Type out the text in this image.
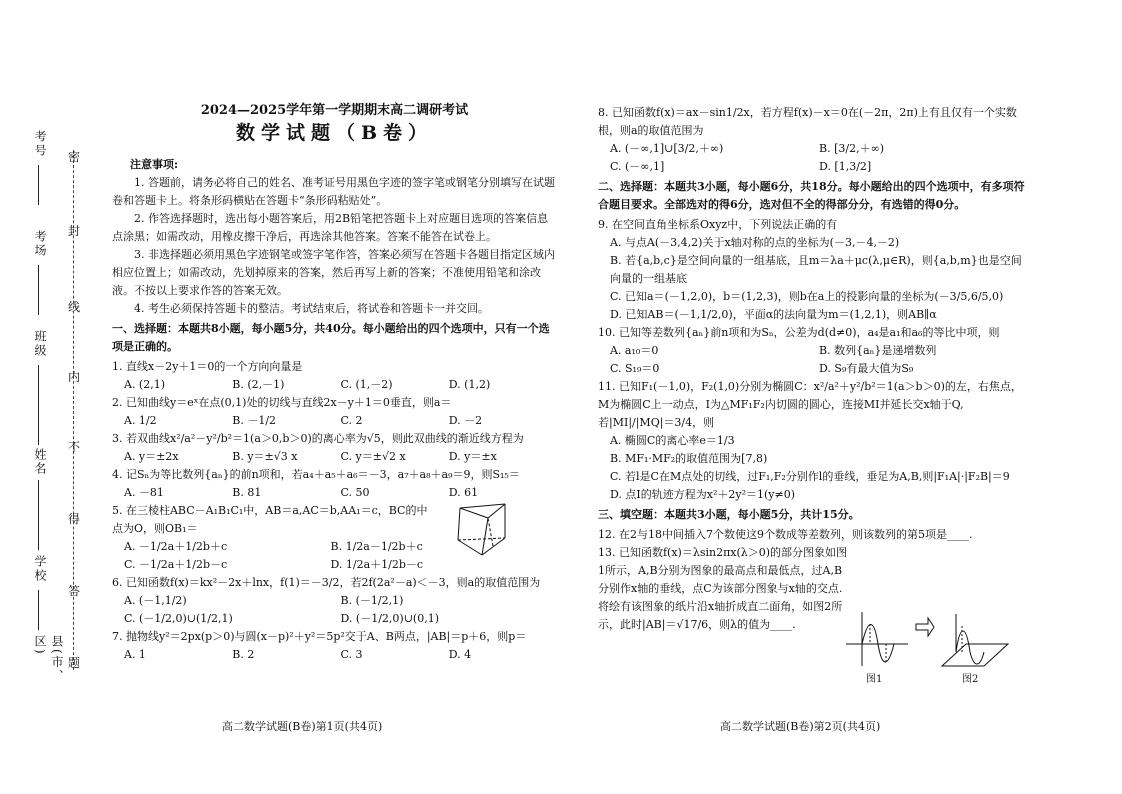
考号
考场
班级
姓名
学校
县(市、区)
密
封
线
内
不
得
答
题
2024—2025学年第一学期期末高二调研考试
数学试题（B卷）
注意事项:

1. 答题前，请务必将自己的姓名、准考证号用黑色字迹的签字笔或钢笔分别填写在试题卷和答题卡上。将条形码横贴在答题卡“条形码粘贴处”。

2. 作答选择题时，选出每小题答案后，用2B铅笔把答题卡上对应题目选项的答案信息点涂黑；如需改动，用橡皮擦干净后，再选涂其他答案。答案不能答在试卷上。

3. 非选择题必须用黑色字迹钢笔或签字笔作答，答案必须写在答题卡各题目指定区域内相应位置上；如需改动，先划掉原来的答案，然后再写上新的答案；不准使用铅笔和涂改液。不按以上要求作答的答案无效。

4. 考生必须保持答题卡的整洁。考试结束后，将试卷和答题卡一并交回。

一、选择题：本题共8小题，每小题5分，共40分。每小题给出的四个选项中，只有一个选项是正确的。

1. 直线x－2y＋1＝0的一个方向向量是

A. (2,1)	B. (2,－1)	C. (1,－2)	D. (1,2)

2. 已知曲线y＝eˣ在点(0,1)处的切线与直线2x－y＋1＝0垂直，则a＝

A. 1/2	B. －1/2	C. 2	D. －2

3. 若双曲线x²/a²－y²/b²＝1(a＞0,b＞0)的离心率为√5，则此双曲线的渐近线方程为

A. y＝±2x	B. y＝±√3 x	C. y＝±√2 x	D. y＝±x

4. 记Sₙ为等比数列{aₙ}的前n项和，若a₄＋a₅＋a₆＝－3，a₇＋a₈＋a₉＝9，则S₁₅＝

A. －81	B. 81	C. 50	D. 61

5. 在三棱柱ABC－A₁B₁C₁中，AB＝a,AC＝b,AA₁＝c，BC的中点为O，则OB₁＝

A. －1/2a＋1/2b＋c	B. 1/2a－1/2b＋c
C. －1/2a＋1/2b－c	D. 1/2a＋1/2b－c

6. 已知函数f(x)＝kx²－2x＋lnx，f(1)＝－3/2，若2f(2a²－a)＜－3，则a的取值范围为

A. (－1,1/2)	B. (－1/2,1)
C. (－1/2,0)∪(1/2,1)	D. (－1/2,0)∪(0,1)

7. 抛物线y²＝2px(p＞0)与圆(x－p)²＋y²＝5p²交于A、B两点，|AB|＝p＋6，则p＝

A. 1	B. 2	C. 3	D. 4
高二数学试题(B卷)第1页(共4页)

8. 已知函数f(x)＝ax－sin1/2x，若方程f(x)－x＝0在(－2π，2π)上有且仅有一个实数根，则a的取值范围为

A. (－∞,1]∪[3/2,＋∞)	B. [3/2,＋∞)
C. (－∞,1]	D. [1,3/2]
二、选择题：本题共3小题，每小题6分，共18分。每小题给出的四个选项中，有多项符合题目要求。全部选对的得6分，选对但不全的得部分分，有选错的得0分。

9. 在空间直角坐标系Oxyz中，下列说法正确的有

A. 与点A(－3,4,2)关于x轴对称的点的坐标为(－3,－4,－2)
B. 若{a,b,c}是空间向量的一组基底，且m＝λa＋μc(λ,μ∈R)，则{a,b,m}也是空间向量的一组基底
C. 已知a＝(－1,2,0)，b＝(1,2,3)，则b在a上的投影向量的坐标为(－3/5,6/5,0)
D. 已知AB＝(－1,1/2,0)，平面α的法向量为m＝(1,2,1)，则AB∥α

10. 已知等差数列{aₙ}前n项和为Sₙ，公差为d(d≠0)，a₄是a₁和a₆的等比中项，则

A. a₁₀＝0	B. 数列{aₙ}是递增数列
C. S₁₉＝0	D. S₉有最大值为S₉

11. 已知F₁(－1,0)，F₂(1,0)分别为椭圆C：x²/a²＋y²/b²＝1(a＞b＞0)的左，右焦点，M为椭圆C上一动点，I为△MF₁F₂内切圆的圆心，连接MI并延长交x轴于Q,若|MI|/|MQ|＝3/4，则

A. 椭圆C的离心率e＝1/3
B. MF₁·MF₂的取值范围为[7,8)
C. 若l是C在M点处的切线，过F₁,F₂分别作l的垂线，垂足为A,B,则|F₁A|·|F₂B|＝9
D. 点I的轨迹方程为x²＋2y²＝1(y≠0)
三、填空题：本题共3小题，每小题5分，共计15分。

12. 在2与18中间插入7个数使这9个数成等差数列，则该数列的第5项是____.

13. 已知函数f(x)＝λsin2πx(λ＞0)的部分图象如图1所示，A,B分别为图象的最高点和最低点，过A,B分别作x轴的垂线，点C为该部分图象与x轴的交点.将绘有该图象的纸片沿x轴折成直二面角，如图2所示，此时|AB|＝√17/6，则λ的值为____.

图1	图2
高二数学试题(B卷)第2页(共4页)
